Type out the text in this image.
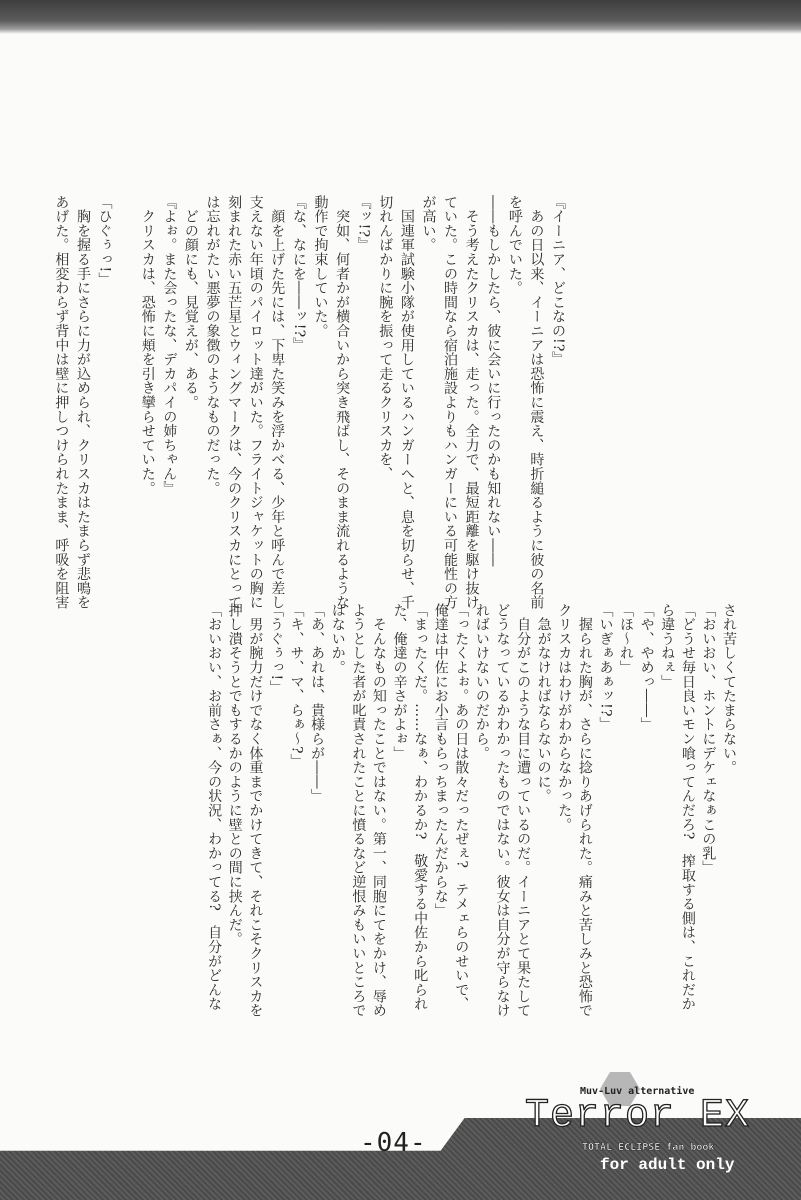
『イーニア、どこなの!?』
　あの日以来、イーニアは恐怖に震え、時折縋るように彼の名前
を呼んでいた。
――もしかしたら、彼に会いに行ったのかも知れない――
　そう考えたクリスカは、走った。全力で、最短距離を駆け抜け
ていた。この時間なら宿泊施設よりもハンガーにいる可能性の方
が高い。
　国連軍試験小隊が使用しているハンガーへと、息を切らせ、千
切れんばかりに腕を振って走るクリスカを、
『ッ!?』
　突如、何者かが横合いから突き飛ばし、そのまま流れるような
動作で拘束していた。
『な、なにを――ッ!?』
　顔を上げた先には、下卑た笑みを浮かべる、少年と呼んで差し
支えない年頃のパイロット達がいた。フライトジャケットの胸に
刻まれた赤い五芒星とウィングマークは、今のクリスカにとって
は忘れがたい悪夢の象徴のようなものだった。
　どの顔にも、見覚えが、ある。
『よぉ。また会ったな、デカパイの姉ちゃん』
　クリスカは、恐怖に頬を引き攣らせていた。

「ひぐぅっ!」
　胸を握る手にさらに力が込められ、クリスカはたまらず悲鳴を
あげた。相変わらず背中は壁に押しつけられたまま、呼吸を阻害
され苦しくてたまらない。
「おいおい、ホントにデケェなぁこの乳」
「どうせ毎日良いモン喰ってんだろ?　搾取する側は、これだか
ら違うねぇ」
「や、やめっ――」
「ほ～れ」
「いぎぁあぁッ!?」
　握られた胸が、さらに捻りあげられた。痛みと苦しみと恐怖で
クリスカはわけがわからなかった。
　急がなければならないのに。
　自分がこのような目に遭っているのだ。イーニアとて果たして
どうなっているかわかったものではない。彼女は自分が守らなけ
ればいけないのだから。
「ったくよぉ。あの日は散々だったぜぇ?　テメェらのせいで、
俺達は中佐にお小言もらっちまったんだからな」
「まったくだ。……なぁ、わかるか?　敬愛する中佐から叱られ
た、俺達の辛さがよぉ」
　そんなもの知ったことではない。第一、同胞にてをかけ、辱め
ようとした者が叱責されたことに憤るなど逆恨みもいいところで
はないか。
「あ、あれは、貴様らが――」
「キ、サ、マ、らぁ～?」
「うぐぅっ!」
　男が腕力だけでなく体重までかけてきて、それこそクリスカを
押し潰そうとでもするかのように壁との間に挟んだ。
「おいおい、お前さぁ、今の状況、わかってる?　自分がどんな
-04-
Muv-Luv alternative
Terror EX
TOTAL ECLIPSE fan book
for adult only
